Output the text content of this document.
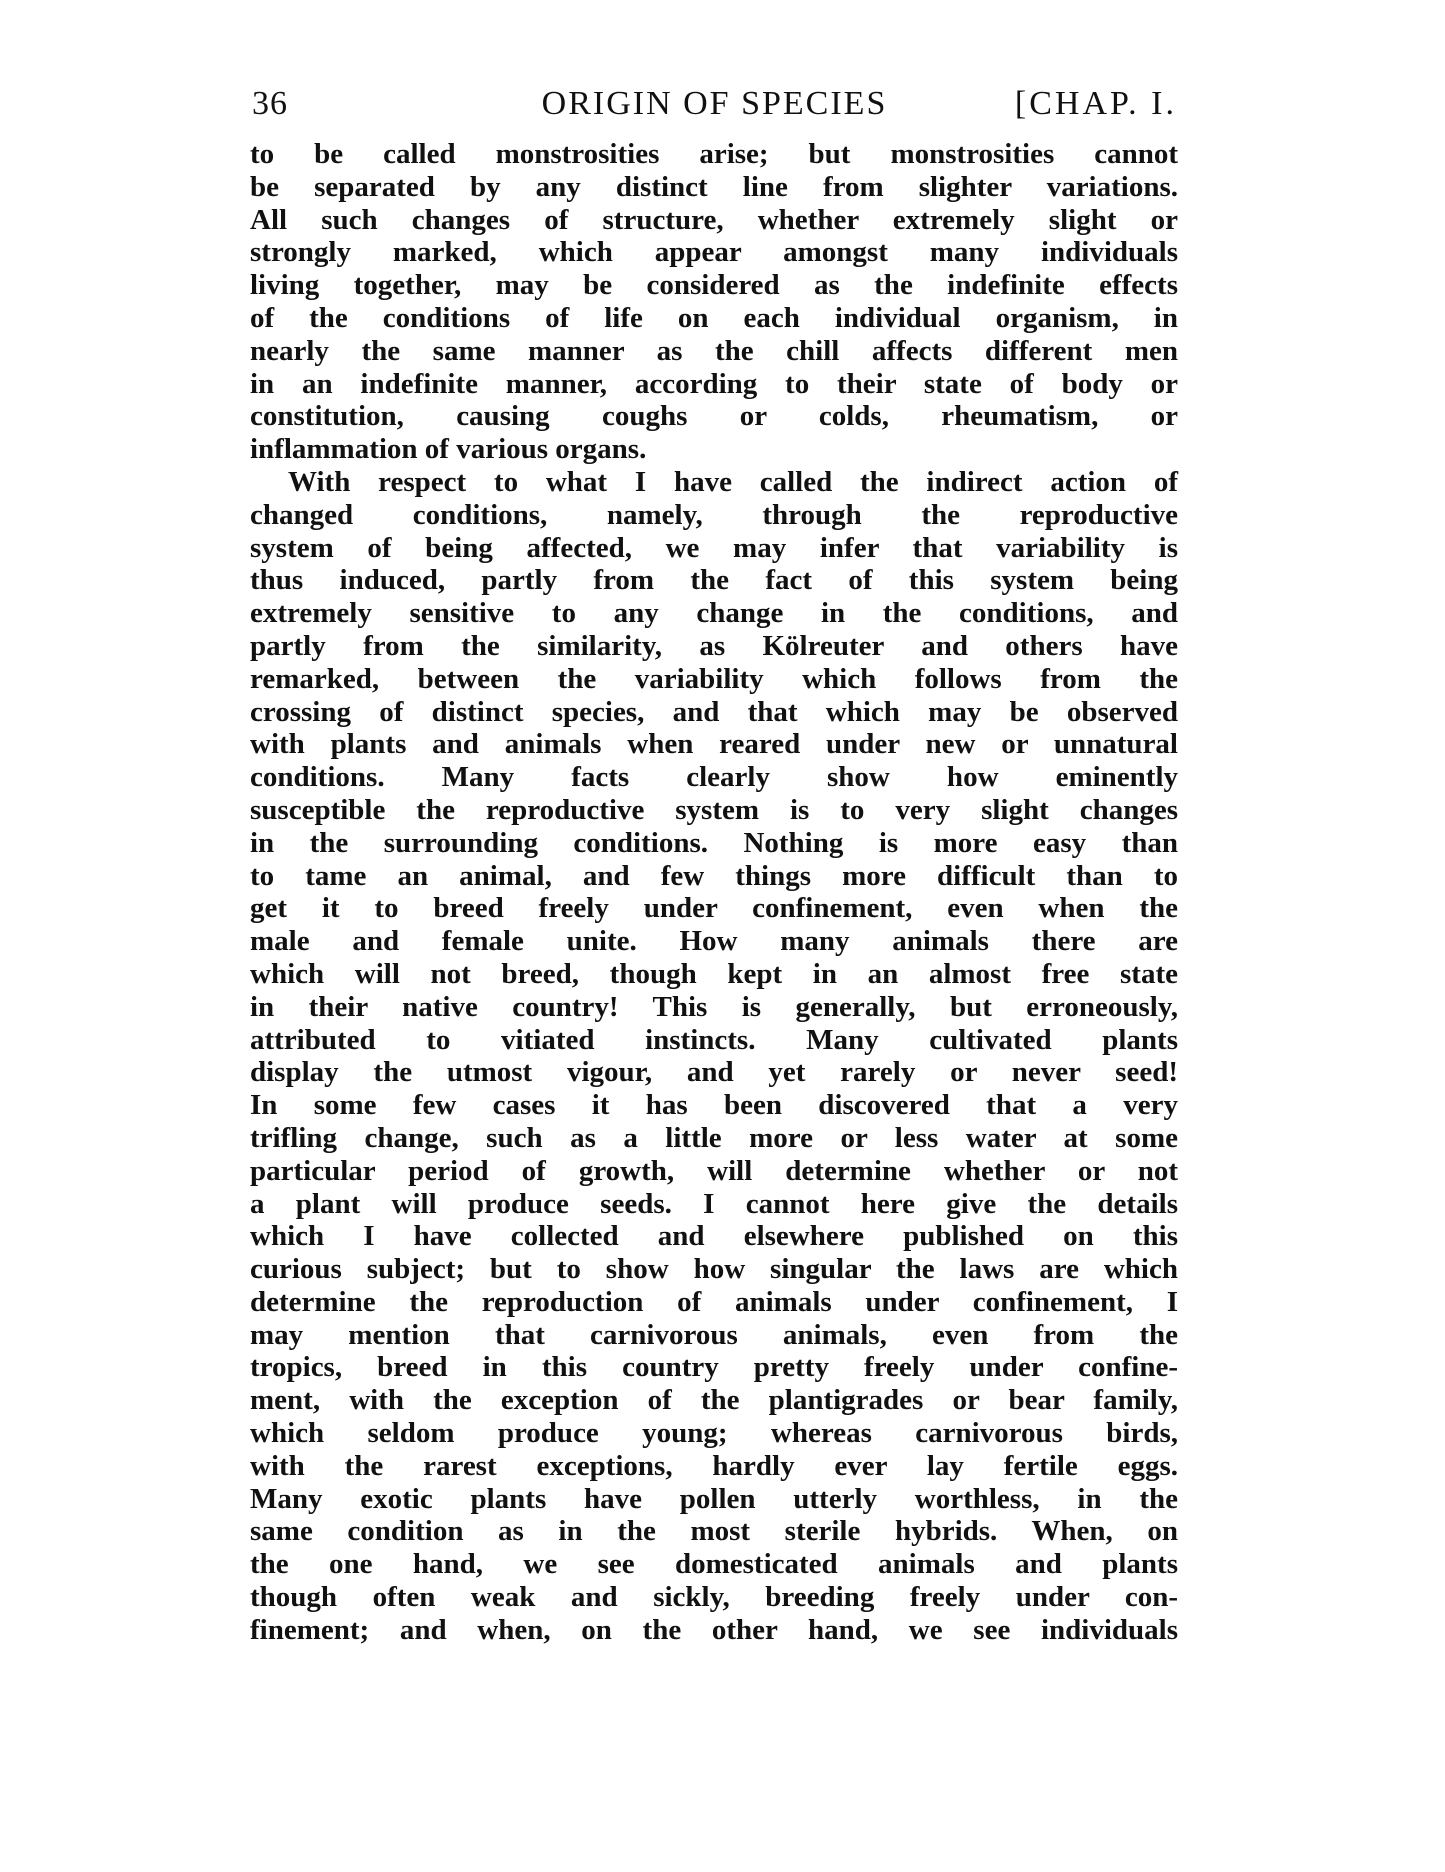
36	ORIGIN OF SPECIES	[CHAP. I.
to be called monstrosities arise; but monstrosities cannot
be separated by any distinct line from slighter variations.
All such changes of structure, whether extremely slight or
strongly marked, which appear amongst many individuals
living together, may be considered as the indefinite effects
of the conditions of life on each individual organism, in
nearly the same manner as the chill affects different men
in an indefinite manner, according to their state of body or
constitution, causing coughs or colds, rheumatism, or
inflammation of various organs.
With respect to what I have called the indirect action of
changed conditions, namely, through the reproductive
system of being affected, we may infer that variability is
thus induced, partly from the fact of this system being
extremely sensitive to any change in the conditions, and
partly from the similarity, as Kölreuter and others have
remarked, between the variability which follows from the
crossing of distinct species, and that which may be observed
with plants and animals when reared under new or unnatural
conditions. Many facts clearly show how eminently
susceptible the reproductive system is to very slight changes
in the surrounding conditions. Nothing is more easy than
to tame an animal, and few things more difficult than to
get it to breed freely under confinement, even when the
male and female unite. How many animals there are
which will not breed, though kept in an almost free state
in their native country! This is generally, but erroneously,
attributed to vitiated instincts. Many cultivated plants
display the utmost vigour, and yet rarely or never seed!
In some few cases it has been discovered that a very
trifling change, such as a little more or less water at some
particular period of growth, will determine whether or not
a plant will produce seeds. I cannot here give the details
which I have collected and elsewhere published on this
curious subject; but to show how singular the laws are which
determine the reproduction of animals under confinement, I
may mention that carnivorous animals, even from the
tropics, breed in this country pretty freely under confine-
ment, with the exception of the plantigrades or bear family,
which seldom produce young; whereas carnivorous birds,
with the rarest exceptions, hardly ever lay fertile eggs.
Many exotic plants have pollen utterly worthless, in the
same condition as in the most sterile hybrids. When, on
the one hand, we see domesticated animals and plants
though often weak and sickly, breeding freely under con-
finement; and when, on the other hand, we see individuals
